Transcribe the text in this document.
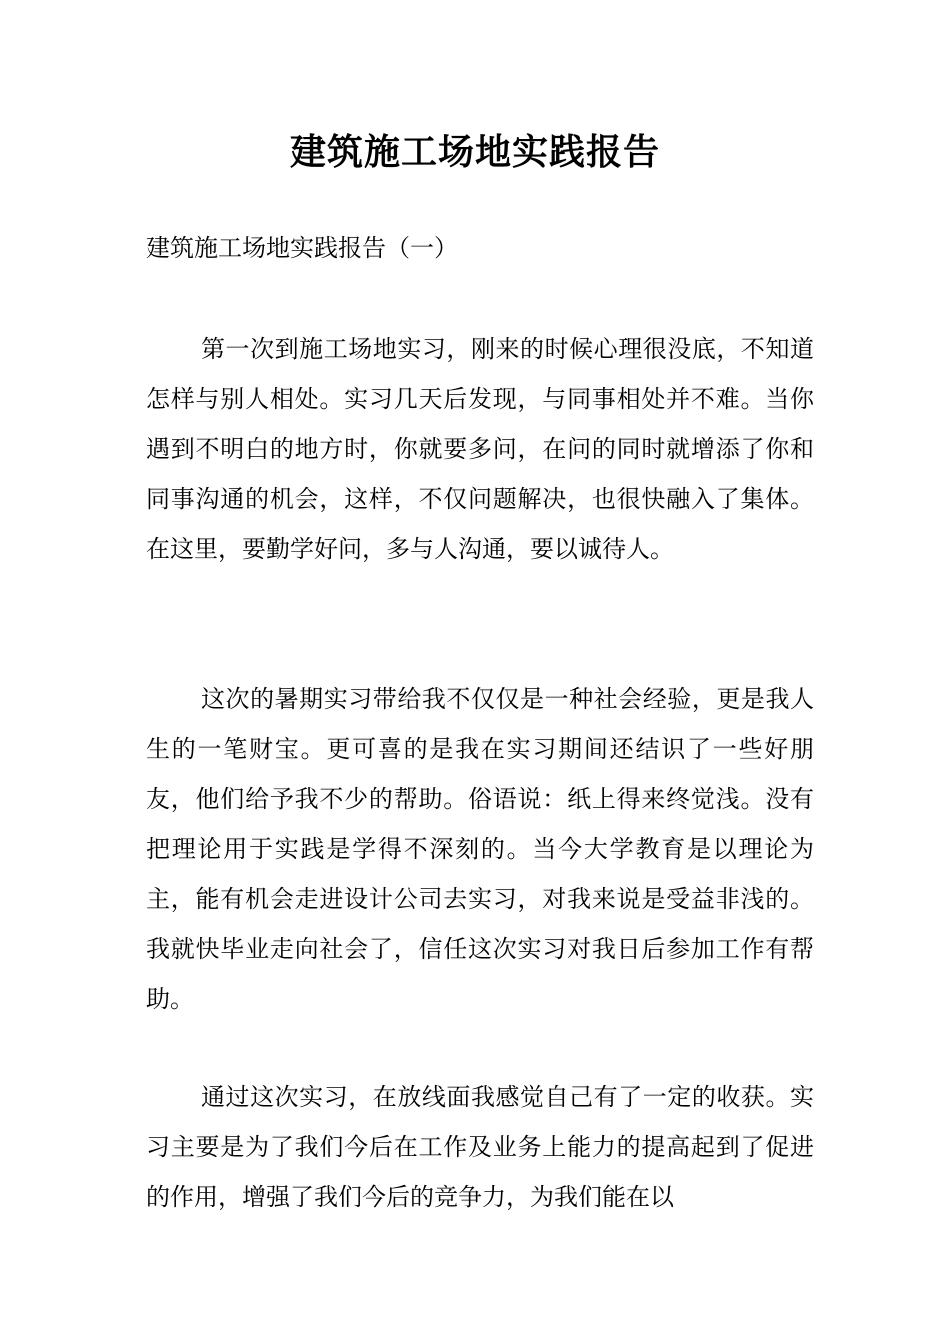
建筑施工场地实践报告
建筑施工场地实践报告（一）

第一次到施工场地实习，刚来的时候心理很没底，不知道怎样与别人相处。实习几天后发现，与同事相处并不难。当你遇到不明白的地方时，你就要多问，在问的同时就增添了你和同事沟通的机会，这样，不仅问题解决，也很快融入了集体。在这里，要勤学好问，多与人沟通，要以诚待人。

这次的暑期实习带给我不仅仅是一种社会经验，更是我人生的一笔财宝。更可喜的是我在实习期间还结识了一些好朋友，他们给予我不少的帮助。俗语说：纸上得来终觉浅。没有把理论用于实践是学得不深刻的。当今大学教育是以理论为主，能有机会走进设计公司去实习，对我来说是受益非浅的。我就快毕业走向社会了，信任这次实习对我日后参加工作有帮助。

通过这次实习，在放线面我感觉自己有了一定的收获。实习主要是为了我们今后在工作及业务上能力的提高起到了促进的作用，增强了我们今后的竞争力，为我们能在以
